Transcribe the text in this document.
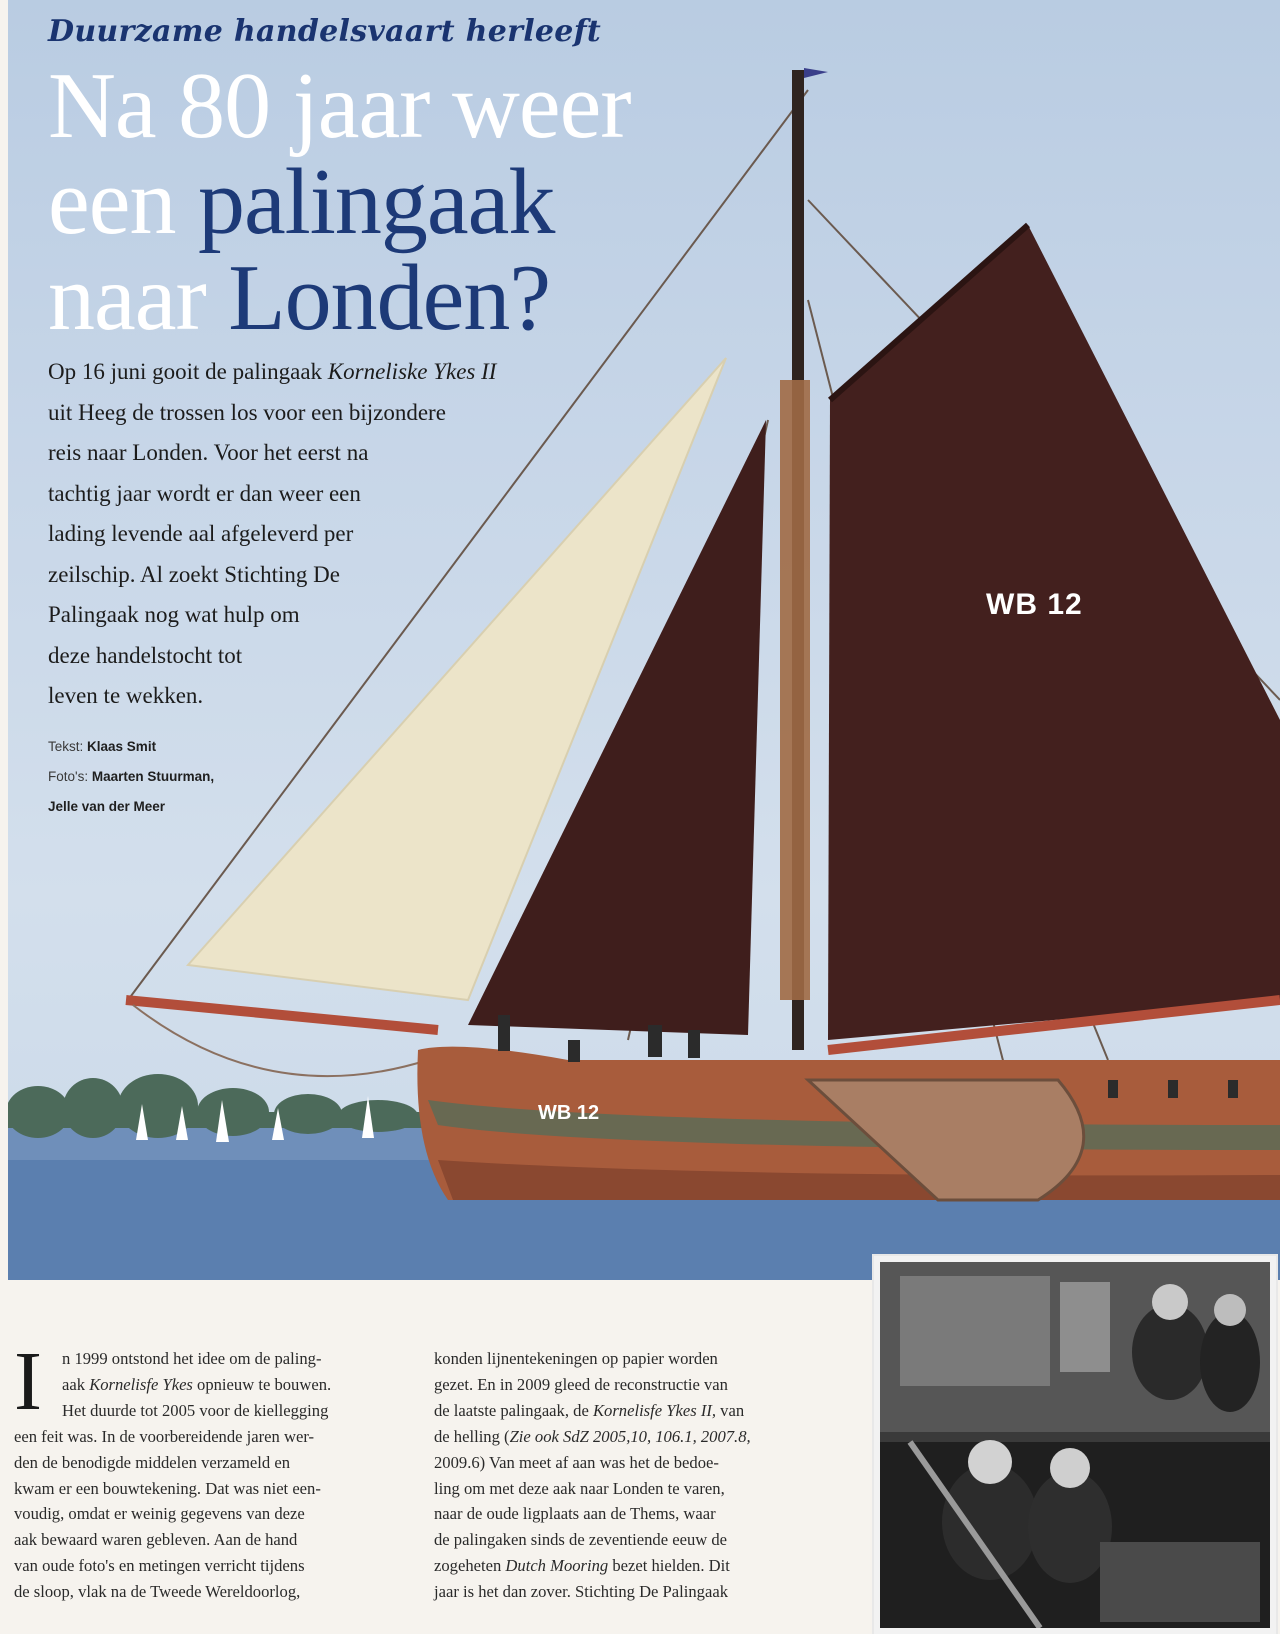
Duurzame handelsvaart herleeft
Na 80 jaar weer
een palingaak
naar Londen?
Op 16 juni gooit de palingaak Korneliske Ykes II
uit Heeg de trossen los voor een bijzondere
reis naar Londen. Voor het eerst na
tachtig jaar wordt er dan weer een
lading levende aal afgeleverd per
zeilschip. Al zoekt Stichting De
Palingaak nog wat hulp om
deze handelstocht tot
leven te wekken.
Tekst: Klaas Smit
Foto's: Maarten Stuurman,
Jelle van der Meer
WB 12
WB 12
I	n 1999 ontstond het idee om de paling-
aak Kornelisfe Ykes opnieuw te bouwen.
Het duurde tot 2005 voor de kiellegging
een feit was. In de voorbereidende jaren wer-
den de benodigde middelen verzameld en
kwam er een bouwtekening. Dat was niet een-
voudig, omdat er weinig gegevens van deze
aak bewaard waren gebleven. Aan de hand
van oude foto's en metingen verricht tijdens
de sloop, vlak na de Tweede Wereldoorlog,
konden lijnentekeningen op papier worden
gezet. En in 2009 gleed de reconstructie van
de laatste palingaak, de Kornelisfe Ykes II, van
de helling (Zie ook SdZ 2005,10, 106.1, 2007.8,
2009.6) Van meet af aan was het de bedoe-
ling om met deze aak naar Londen te varen,
naar de oude ligplaats aan de Thems, waar
de palingaken sinds de zeventiende eeuw de
zogeheten Dutch Mooring bezet hielden. Dit
jaar is het dan zover. Stichting De Palingaak
